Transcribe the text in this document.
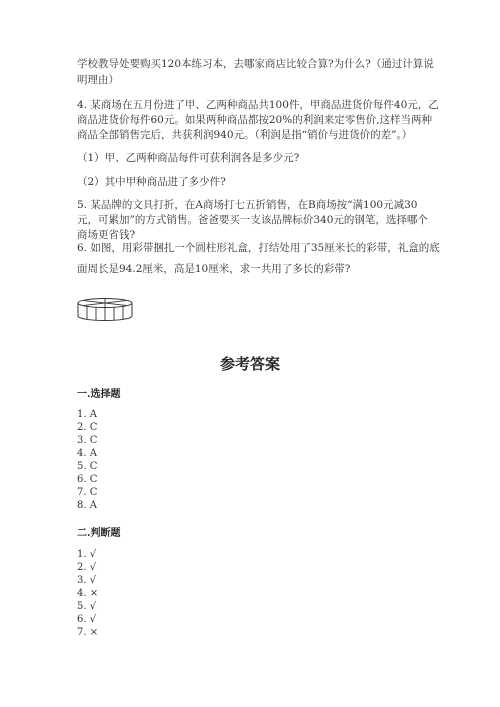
学校教导处要购买120本练习本，去哪家商店比较合算?为什么?（通过计算说
明理由）
4. 某商场在五月份进了甲、乙两种商品共100件，甲商品进货价每件40元，乙
商品进货价每件60元。如果两种商品都按20%的利润来定零售价,这样当两种
商品全部销售完后，共获利润940元。（利润是指“销价与进货价的差”。）
（1）甲、乙两种商品每件可获利润各是多少元?
（2）其中甲种商品进了多少件?
5. 某品牌的文具打折，在A商场打七五折销售，在B商场按“满100元减30
元，可累加”的方式销售。爸爸要买一支该品牌标价340元的钢笔，选择哪个
商场更省钱?
6. 如图，用彩带捆扎一个圆柱形礼盒，打结处用了35厘米长的彩带，礼盒的底
面周长是94.2厘米，高是10厘米，求一共用了多长的彩带?
参考答案
一.选择题
1. A
2. C
3. C
4. A
5. C
6. C
7. C
8. A
二.判断题
1. √
2. √
3. √
4. ×
5. √
6. √
7. ×
